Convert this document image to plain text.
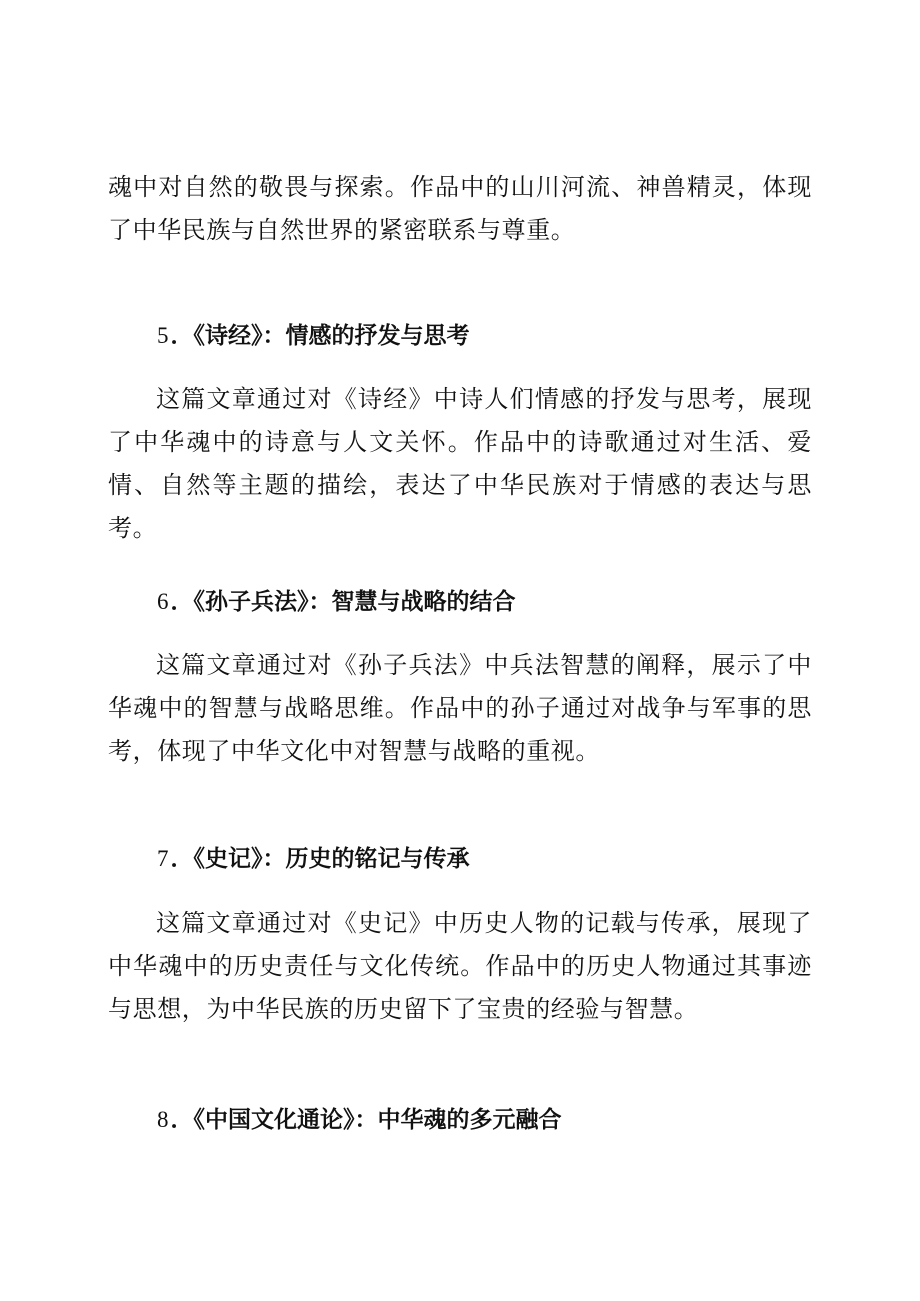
魂中对自然的敬畏与探索。作品中的山川河流、神兽精灵，体现了中华民族与自然世界的紧密联系与尊重。

5．《诗经》：情感的抒发与思考

这篇文章通过对《诗经》中诗人们情感的抒发与思考，展现了中华魂中的诗意与人文关怀。作品中的诗歌通过对生活、爱情、自然等主题的描绘，表达了中华民族对于情感的表达与思考。

6．《孙子兵法》：智慧与战略的结合

这篇文章通过对《孙子兵法》中兵法智慧的阐释，展示了中华魂中的智慧与战略思维。作品中的孙子通过对战争与军事的思考，体现了中华文化中对智慧与战略的重视。

7．《史记》：历史的铭记与传承

这篇文章通过对《史记》中历史人物的记载与传承，展现了中华魂中的历史责任与文化传统。作品中的历史人物通过其事迹与思想，为中华民族的历史留下了宝贵的经验与智慧。

8．《中国文化通论》：中华魂的多元融合
